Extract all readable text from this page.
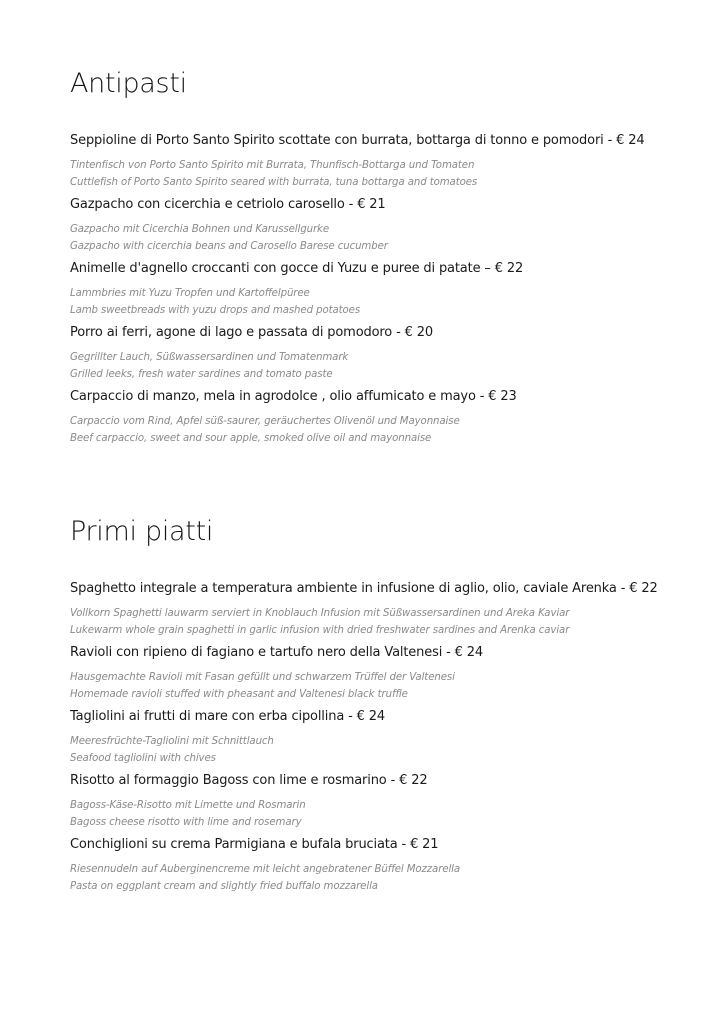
Antipasti
Seppioline di Porto Santo Spirito scottate con burrata, bottarga di tonno e pomodori - € 24
Tintenfisch von Porto Santo Spirito mit Burrata, Thunfisch-Bottarga und Tomaten
Cuttlefish of Porto Santo Spirito seared with burrata, tuna bottarga and tomatoes
Gazpacho con cicerchia e cetriolo carosello - € 21
Gazpacho mit Cicerchia Bohnen und Karussellgurke
Gazpacho with cicerchia beans and Carosello Barese cucumber
Animelle d'agnello croccanti con gocce di Yuzu e puree di patate – € 22
Lammbries mit Yuzu Tropfen und Kartoffelpüree
Lamb sweetbreads with yuzu drops and mashed potatoes
Porro ai ferri, agone di lago e passata di pomodoro - € 20
Gegrillter Lauch, Süßwassersardinen und Tomatenmark
Grilled leeks, fresh water sardines and tomato paste
Carpaccio di manzo, mela in agrodolce , olio affumicato e mayo - € 23
Carpaccio vom Rind, Apfel süß-saurer, geräuchertes Olivenöl und Mayonnaise
Beef carpaccio, sweet and sour apple, smoked olive oil and mayonnaise
Primi piatti
Spaghetto integrale a temperatura ambiente in infusione di aglio, olio, caviale Arenka - € 22
Vollkorn Spaghetti lauwarm serviert in Knoblauch Infusion mit Süßwassersardinen und Areka Kaviar
Lukewarm whole grain spaghetti in garlic infusion with dried freshwater sardines and Arenka caviar
Ravioli con ripieno di fagiano e tartufo nero della Valtenesi - € 24
Hausgemachte Ravioli mit Fasan gefüllt und schwarzem Trüffel der Valtenesi
Homemade ravioli stuffed with pheasant and Valtenesi black truffle
Tagliolini ai frutti di mare con erba cipollina - € 24
Meeresfrüchte-Tagliolini mit Schnittlauch
Seafood tagliolini with chives
Risotto al formaggio Bagoss con lime e rosmarino - € 22
Bagoss-Käse-Risotto mit Limette und Rosmarin
Bagoss cheese risotto with lime and rosemary
Conchiglioni su crema Parmigiana e bufala bruciata - € 21
Riesennudeln auf Auberginencreme mit leicht angebratener Büffel Mozzarella
Pasta on eggplant cream and slightly fried buffalo mozzarella
